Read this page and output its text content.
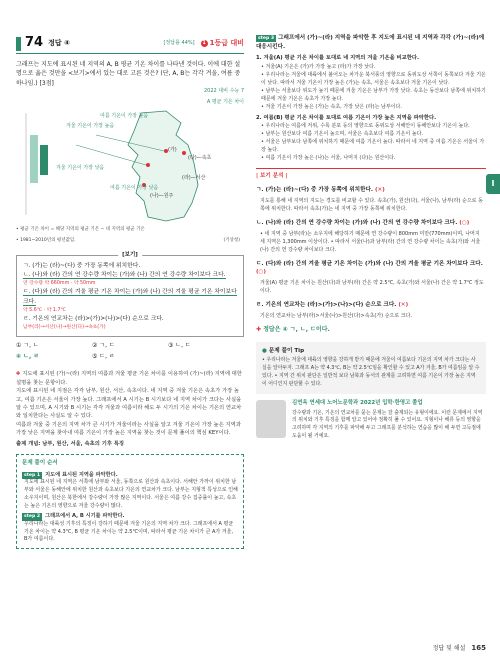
74 정답 ④	[정답률 44%]	1 1등급 대비
그래프는 지도에 표시된 네 지역의 A, B 평균 기온 차이를 나타낸 것이다. 이에 대한 설명으로 옳은 것만을 <보기>에서 있는 대로 고른 것은? (단, A, B는 각각 겨울, 여름 중 하나임.) [3점]
2022 대비 수능 7
겨울 기온이 가장 높음
여름 기온이 가장 높음
여름 기온이 가장 낮음
겨울 기온이 가장 낮음
(가)
(다)—속초
(라)—서산
(나)—원주
A 평균 기온 차이
• 평균 기온 차이 = 해당 지역의 평균 기온 − 네 지역의 평균 기온
• 1981~2010년의 평년값임.	(기상청)
[보기]
ㄱ. (가)는 (라)~(다) 중 가장 동쪽에 위치한다.
ㄴ. (나)와 (라) 간의 연 강수량 차이는 (가)와 (나) 간의 연 강수량 차이보다 크다.
연 강수량 약 660mm · 약 50mm
ㄷ. (다)와 (라) 간의 겨울 평균 기온 차이는 (가)와 (나) 간의 겨울 평균 기온 차이보다 크다.
약 5.6℃ · 약 1.7℃
ㄹ. 기온의 연교차는 (라)>(가)>(나)>(다) 순으로 크다.
남부(라)→서산(나)→원산(다)→속초(가)
① ㄱ, ㄴ	② ㄱ, ㄷ	③ ㄴ, ㄷ
④ ㄴ, ㄹ	⑤ ㄷ, ㄹ
✚ 지도에 표시된 (가)~(라) 지역의 여름과 겨울 평균 기온 차이를 이용하여 (가)~(라) 지역에 대한 설명을 찾는 문항이다.
지도에 표시된 네 지점은 각각 남부, 원산, 서산, 속초이다. 네 지역 중 겨울 기온은 속초가 가장 높고, 여름 기온은 서울이 가장 높다. 그래프에서 A 시기는 B 시기보다 네 지역 차이가 크다는 사실을 알 수 있으며, A 시기와 B 시기는 각각 겨울과 여름이라 해도 두 시기의 기온 차이는 기온의 연교차와 일치한다는 사실도 알 수 있다.
여름과 겨울 중 기온의 지역 차가 큰 시기가 겨울이라는 사실을 알고 겨울 기온이 가장 높은 지역과 가장 낮은 지역을 찾아내 여름 기온이 가장 높은 지역을 찾는 것이 문제 풀이의 핵심 KEY이다.
출제 개념: 남부, 원산, 서울, 속초의 기후 특징
문제 풀이 순서
step 1 지도에 표시된 지역을 파악한다.
지도에 표시된 네 지역은 서쪽에 남부와 서울, 동쪽으로 원산과 속초이다. 서해안 가까이 위치한 남부와 서울은 동해안에 위치한 원산과 속초보다 기온의 연교차가 크다. 남부는 지형적 특성으로 인해 소우지이며, 원산은 북한에서 강수량이 가장 많은 지역이다. 서울은 여름 강수 집중률이 높고, 속초는 높은 기온의 영향으로 겨울 강수량이 많다.
step 2 그래프에서 A, B 시기를 파악한다.
우리나라는 대륙성 기후의 특징이 강하기 때문에 겨울 기온의 지역 차가 크다. 그래프에서 A 평균 기온 차이는 약 4.3℃, B 평균 기온 차이는 약 2.5℃이며, 따라서 평균 기온 차이가 큰 A가 겨울, B가 여름이다.
step 3 그래프에서 (가)~(라) 지역을 파악한 후 지도에 표시된 네 지역과 각각 (가)~(라)에 대응시킨다.
1. 겨울(A) 평균 기온 차이를 토대로 네 지역의 겨울 기온을 비교한다.
• 겨울(A) 기온은 (가)가 가장 높고 (라)가 가장 낮다.
• 우리나라는 겨울에 대륙에서 불어오는 차가운 북서풍의 영향으로 동위도상 서쪽이 동쪽보다 겨울 기온이 낮다. 따라서 겨울 기온이 가장 높은 (가)는 속초, 서울은 속초보다 겨울 기온이 낮다.
• 남부는 서울보다 위도가 높기 때문에 겨울 기온은 남부가 가장 낮다. 속초는 동산보다 남쪽에 위치하기 때문에 겨울 기온은 속초가 가장 높다.
• 겨울 기온이 가장 높은 (가)는 속초, 가장 낮은 (라)는 남부이다.
2. 여름(B) 평균 기온 차이를 토대로 여름 기온이 가장 높은 지역을 파악한다.
• 우리나라는 여름에 저위, 수록 분포 등의 영향으로 동위도상 서해안이 동해안보다 기온이 높다.
• 남부는 원산보다 여름 기온이 높으며, 서울은 속초보다 여름 기온이 높다.
• 서울은 남부보다 남쪽에 위치하기 때문에 여름 기온이 높다. 따라서 네 지역 중 여름 기온은 서울이 가장 높다.
• 여름 기온이 가장 높은 (나)는 서울, 나머지 (다)는 원산이다.
| 보기 분석 |
ㄱ. (가)는 (라)~(다) 중 가장 동쪽에 위치한다. (✕)
지도를 통해 네 지역의 지도는 경도를 비교할 수 있다. 속초(가), 원산(다), 서울(나), 남부(라) 순으로 동쪽에 위치한다. 따라서 속초(가)는 네 지역 중 가장 동쪽에 위치한다.
ㄴ. (나)와 (라) 간의 연 강수량 차이는 (가)와 (나) 간의 연 강수량 차이보다 크다. (○)
• 네 지역 중 남부(라)는 소우지에 해당하기 때문에 연 강수량이 800mm 미만(770mm)이며, 나머지 세 지역은 1,300mm 이상이다. • 따라서 서울(나)과 남부(라) 간의 연 강수량 차이는 속초(가)와 서울(나) 간의 연 강수량 차이보다 크다.
ㄷ. (다)와 (라) 간의 겨울 평균 기온 차이는 (가)와 (나) 간의 겨울 평균 기온 차이보다 크다. (○)
겨울(A) 평균 기온 차이는 원산(다)과 남부(라) 간은 약 2.5℃, 속초(가)와 서울(나) 간은 약 1.7℃ 정도이다.
ㄹ. 기온의 연교차는 (라)>(가)>(나)>(다) 순으로 크다. (✕)
기온의 연교차는 남부(라)>서울(나)>원산(다)>속초(가) 순으로 크다.
✚ 정답은 ④ ㄱ, ㄴ, ㄷ이다.
● 문제 풀이 Tip
• 우리나라는 겨울에 대륙의 영향을 강하게 받기 때문에 겨울이 여름보다 기온의 지역 차가 크다는 사실을 알아두자. 그래프 A는 약 4.3℃, B는 약 2.5℃임을 확인할 수 있고 A가 겨울, B가 여름임을 알 수 있다. • 지역 간 위치 판단은 일반적 보다 남북과 동서의 관계를 고려하면 여름 기온이 가장 높은 지역이 어디인지 판단할 수 있다.
김연옥 연세대 노어노문학과 2022년 입학·한영고 졸업
강수량과 기온, 기온의 연교차를 묻는 문제는 잘 출제되는 유형이에요. 이런 문제에서 지역의 위치와 기후 특징을 함께 알고 있어야 정확히 풀 수 있어요. 지형이나 해류 등의 영향을 고려하며 각 지역의 기후를 파악해 두고 그래프를 분석하는 연습을 많이 해 두면 고득점에 도움이 될 거예요.
I
정답 및 해설 165
